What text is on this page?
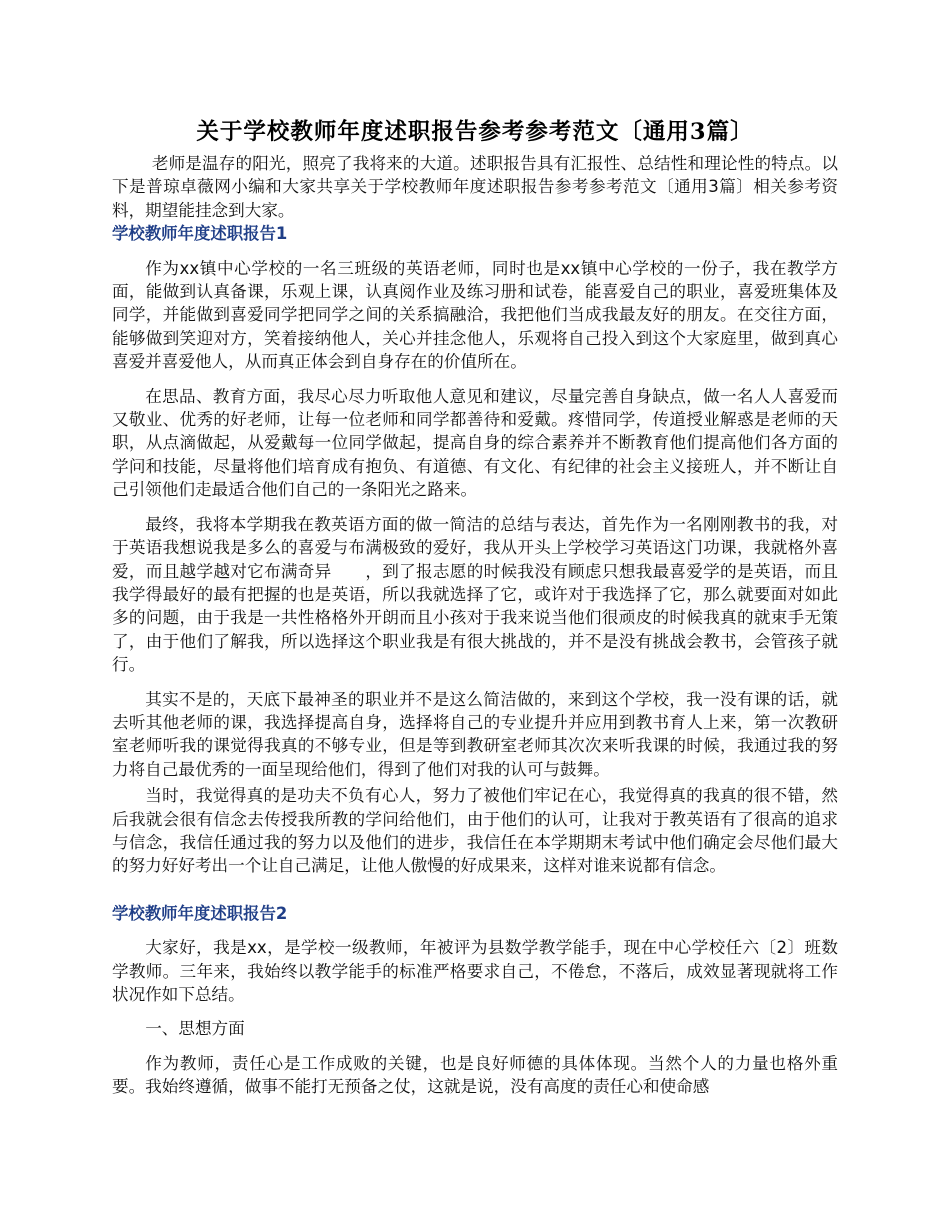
关于学校教师年度述职报告参考参考范文〔通用3篇〕

老师是温存的阳光，照亮了我将来的大道。述职报告具有汇报性、总结性和理论性的特点。以下是普琼卓薇网小编和大家共享关于学校教师年度述职报告参考参考范文〔通用3篇〕相关参考资料，期望能挂念到大家。

学校教师年度述职报告1

作为xx镇中心学校的一名三班级的英语老师，同时也是xx镇中心学校的一份子，我在教学方面，能做到认真备课，乐观上课，认真阅作业及练习册和试卷，能喜爱自己的职业，喜爱班集体及同学，并能做到喜爱同学把同学之间的关系搞融洽，我把他们当成我最友好的朋友。在交往方面，能够做到笑迎对方，笑着接纳他人，关心并挂念他人，乐观将自己投入到这个大家庭里，做到真心喜爱并喜爱他人，从而真正体会到自身存在的价值所在。

在思品、教育方面，我尽心尽力听取他人意见和建议，尽量完善自身缺点，做一名人人喜爱而又敬业、优秀的好老师，让每一位老师和同学都善待和爱戴。疼惜同学，传道授业解惑是老师的天职，从点滴做起，从爱戴每一位同学做起，提高自身的综合素养并不断教育他们提高他们各方面的学问和技能，尽量将他们培育成有抱负、有道德、有文化、有纪律的社会主义接班人，并不断让自己引领他们走最适合他们自己的一条阳光之路来。

最终，我将本学期我在教英语方面的做一简洁的总结与表达，首先作为一名刚刚教书的我，对于英语我想说我是多么的喜爱与布满极致的爱好，我从开头上学校学习英语这门功课，我就格外喜爱，而且越学越对它布满奇异　　，到了报志愿的时候我没有顾虑只想我最喜爱学的是英语，而且我学得最好的最有把握的也是英语，所以我就选择了它，或许对于我选择了它，那么就要面对如此多的问题，由于我是一共性格格外开朗而且小孩对于我来说当他们很顽皮的时候我真的就束手无策了，由于他们了解我，所以选择这个职业我是有很大挑战的，并不是没有挑战会教书，会管孩子就行。

其实不是的，天底下最神圣的职业并不是这么简洁做的，来到这个学校，我一没有课的话，就去听其他老师的课，我选择提高自身，选择将自己的专业提升并应用到教书育人上来，第一次教研室老师听我的课觉得我真的不够专业，但是等到教研室老师其次次来听我课的时候，我通过我的努力将自己最优秀的一面呈现给他们，得到了他们对我的认可与鼓舞。

当时，我觉得真的是功夫不负有心人，努力了被他们牢记在心，我觉得真的我真的很不错，然后我就会很有信念去传授我所教的学问给他们，由于他们的认可，让我对于教英语有了很高的追求与信念，我信任通过我的努力以及他们的进步，我信任在本学期期末考试中他们确定会尽他们最大的努力好好考出一个让自己满足，让他人傲慢的好成果来，这样对谁来说都有信念。

学校教师年度述职报告2

大家好，我是xx，是学校一级教师，年被评为县数学教学能手，现在中心学校任六〔2〕班数学教师。三年来，我始终以教学能手的标准严格要求自己，不倦怠，不落后，成效显著现就将工作状况作如下总结。

一、思想方面

作为教师，责任心是工作成败的关键，也是良好师德的具体体现。当然个人的力量也格外重要。我始终遵循，做事不能打无预备之仗，这就是说，没有高度的责任心和使命感
